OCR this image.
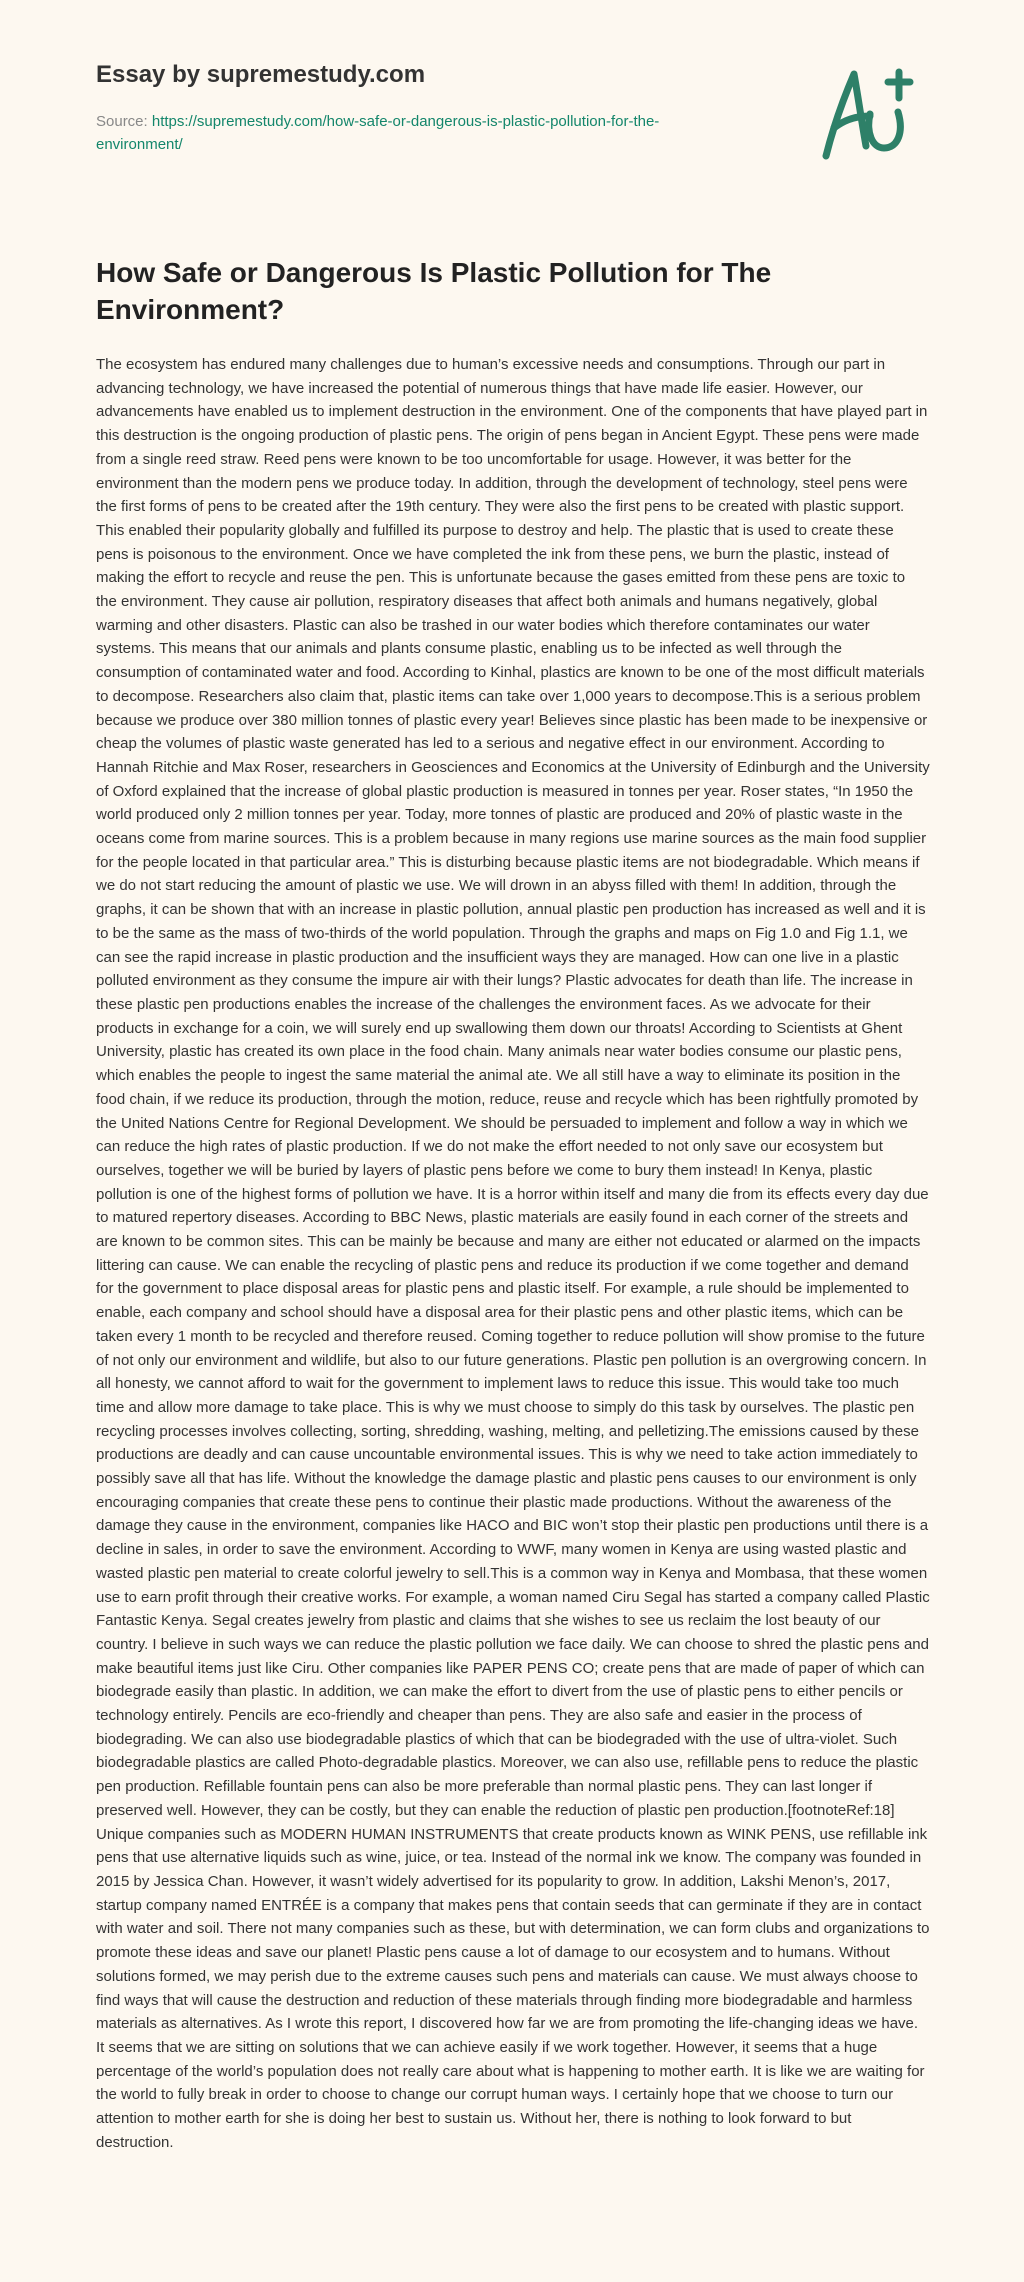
Essay by supremestudy.com
Source: https://supremestudy.com/how-safe-or-dangerous-is-plastic-pollution-for-the-environment/
How Safe or Dangerous Is Plastic Pollution for The Environment?

The ecosystem has endured many challenges due to human’s excessive needs and consumptions. Through our part in advancing technology, we have increased the potential of numerous things that have made life easier. However, our advancements have enabled us to implement destruction in the environment. One of the components that have played part in this destruction is the ongoing production of plastic pens. The origin of pens began in Ancient Egypt. These pens were made from a single reed straw. Reed pens were known to be too uncomfortable for usage. However, it was better for the environment than the modern pens we produce today. In addition, through the development of technology, steel pens were the first forms of pens to be created after the 19th century. They were also the first pens to be created with plastic support. This enabled their popularity globally and fulfilled its purpose to destroy and help. The plastic that is used to create these pens is poisonous to the environment. Once we have completed the ink from these pens, we burn the plastic, instead of making the effort to recycle and reuse the pen. This is unfortunate because the gases emitted from these pens are toxic to the environment. They cause air pollution, respiratory diseases that affect both animals and humans negatively, global warming and other disasters. Plastic can also be trashed in our water bodies which therefore contaminates our water systems. This means that our animals and plants consume plastic, enabling us to be infected as well through the consumption of contaminated water and food. According to Kinhal, plastics are known to be one of the most difficult materials to decompose. Researchers also claim that, plastic items can take over 1,000 years to decompose.This is a serious problem because we produce over 380 million tonnes of plastic every year! Believes since plastic has been made to be inexpensive or cheap the volumes of plastic waste generated has led to a serious and negative effect in our environment. According to Hannah Ritchie and Max Roser, researchers in Geosciences and Economics at the University of Edinburgh and the University of Oxford explained that the increase of global plastic production is measured in tonnes per year. Roser states, “In 1950 the world produced only 2 million tonnes per year. Today, more tonnes of plastic are produced and 20% of plastic waste in the oceans come from marine sources. This is a problem because in many regions use marine sources as the main food supplier for the people located in that particular area.” This is disturbing because plastic items are not biodegradable. Which means if we do not start reducing the amount of plastic we use. We will drown in an abyss filled with them! In addition, through the graphs, it can be shown that with an increase in plastic pollution, annual plastic pen production has increased as well and it is to be the same as the mass of two-thirds of the world population. Through the graphs and maps on Fig 1.0 and Fig 1.1, we can see the rapid increase in plastic production and the insufficient ways they are managed. How can one live in a plastic polluted environment as they consume the impure air with their lungs? Plastic advocates for death than life. The increase in these plastic pen productions enables the increase of the challenges the environment faces. As we advocate for their products in exchange for a coin, we will surely end up swallowing them down our throats! According to Scientists at Ghent University, plastic has created its own place in the food chain. Many animals near water bodies consume our plastic pens, which enables the people to ingest the same material the animal ate. We all still have a way to eliminate its position in the food chain, if we reduce its production, through the motion, reduce, reuse and recycle which has been rightfully promoted by the United Nations Centre for Regional Development. We should be persuaded to implement and follow a way in which we can reduce the high rates of plastic production. If we do not make the effort needed to not only save our ecosystem but ourselves, together we will be buried by layers of plastic pens before we come to bury them instead! In Kenya, plastic pollution is one of the highest forms of pollution we have. It is a horror within itself and many die from its effects every day due to matured repertory diseases. According to BBC News, plastic materials are easily found in each corner of the streets and are known to be common sites. This can be mainly be because and many are either not educated or alarmed on the impacts littering can cause. We can enable the recycling of plastic pens and reduce its production if we come together and demand for the government to place disposal areas for plastic pens and plastic itself. For example, a rule should be implemented to enable, each company and school should have a disposal area for their plastic pens and other plastic items, which can be taken every 1 month to be recycled and therefore reused. Coming together to reduce pollution will show promise to the future of not only our environment and wildlife, but also to our future generations. Plastic pen pollution is an overgrowing concern. In all honesty, we cannot afford to wait for the government to implement laws to reduce this issue. This would take too much time and allow more damage to take place. This is why we must choose to simply do this task by ourselves. The plastic pen recycling processes involves collecting, sorting, shredding, washing, melting, and pelletizing.The emissions caused by these productions are deadly and can cause uncountable environmental issues. This is why we need to take action immediately to possibly save all that has life. Without the knowledge the damage plastic and plastic pens causes to our environment is only encouraging companies that create these pens to continue their plastic made productions. Without the awareness of the damage they cause in the environment, companies like HACO and BIC won’t stop their plastic pen productions until there is a decline in sales, in order to save the environment. According to WWF, many women in Kenya are using wasted plastic and wasted plastic pen material to create colorful jewelry to sell.This is a common way in Kenya and Mombasa, that these women use to earn profit through their creative works. For example, a woman named Ciru Segal has started a company called Plastic Fantastic Kenya. Segal creates jewelry from plastic and claims that she wishes to see us reclaim the lost beauty of our country. I believe in such ways we can reduce the plastic pollution we face daily. We can choose to shred the plastic pens and make beautiful items just like Ciru. Other companies like PAPER PENS CO; create pens that are made of paper of which can biodegrade easily than plastic. In addition, we can make the effort to divert from the use of plastic pens to either pencils or technology entirely. Pencils are eco-friendly and cheaper than pens. They are also safe and easier in the process of biodegrading. We can also use biodegradable plastics of which that can be biodegraded with the use of ultra-violet. Such biodegradable plastics are called Photo-degradable plastics. Moreover, we can also use, refillable pens to reduce the plastic pen production. Refillable fountain pens can also be more preferable than normal plastic pens. They can last longer if preserved well. However, they can be costly, but they can enable the reduction of plastic pen production.[footnoteRef:18] Unique companies such as MODERN HUMAN INSTRUMENTS that create products known as WINK PENS, use refillable ink pens that use alternative liquids such as wine, juice, or tea. Instead of the normal ink we know. The company was founded in 2015 by Jessica Chan. However, it wasn’t widely advertised for its popularity to grow. In addition, Lakshi Menon’s, 2017, startup company named ENTRÉE is a company that makes pens that contain seeds that can germinate if they are in contact with water and soil. There not many companies such as these, but with determination, we can form clubs and organizations to promote these ideas and save our planet! Plastic pens cause a lot of damage to our ecosystem and to humans. Without solutions formed, we may perish due to the extreme causes such pens and materials can cause. We must always choose to find ways that will cause the destruction and reduction of these materials through finding more biodegradable and harmless materials as alternatives. As I wrote this report, I discovered how far we are from promoting the life-changing ideas we have. It seems that we are sitting on solutions that we can achieve easily if we work together. However, it seems that a huge percentage of the world’s population does not really care about what is happening to mother earth. It is like we are waiting for the world to fully break in order to choose to change our corrupt human ways. I certainly hope that we choose to turn our attention to mother earth for she is doing her best to sustain us. Without her, there is nothing to look forward to but destruction.
